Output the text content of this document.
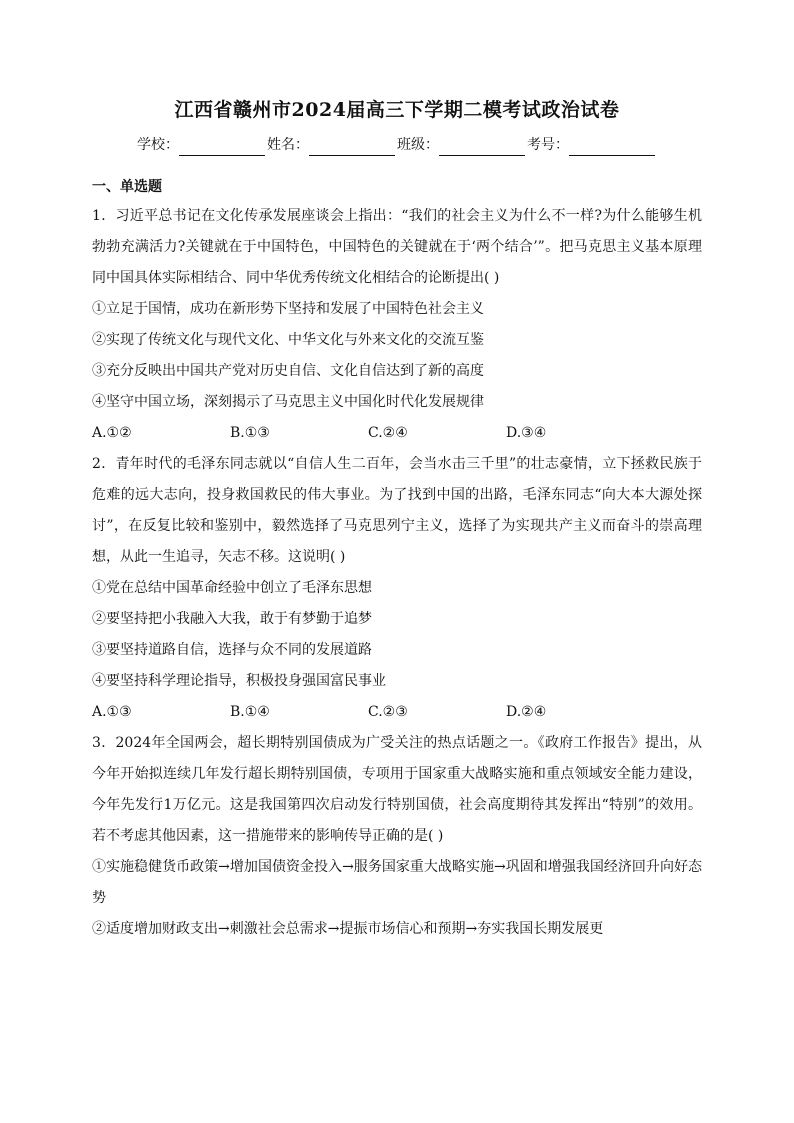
江西省赣州市2024届高三下学期二模考试政治试卷
学校：	姓名：	班级：	考号：
一、单选题
1．习近平总书记在文化传承发展座谈会上指出：“我们的社会主义为什么不一样?为什么能够生机勃勃充满活力?关键就在于中国特色，中国特色的关键就在于‘两个结合’”。把马克思主义基本原理同中国具体实际相结合、同中华优秀传统文化相结合的论断提出( )
①立足于国情，成功在新形势下坚持和发展了中国特色社会主义
②实现了传统文化与现代文化、中华文化与外来文化的交流互鉴
③充分反映出中国共产党对历史自信、文化自信达到了新的高度
④坚守中国立场，深刻揭示了马克思主义中国化时代化发展规律
A.①②	B.①③	C.②④	D.③④
2．青年时代的毛泽东同志就以“自信人生二百年，会当水击三千里”的壮志豪情，立下拯救民族于危难的远大志向，投身救国救民的伟大事业。为了找到中国的出路，毛泽东同志“向大本大源处探讨”，在反复比较和鉴别中，毅然选择了马克思列宁主义，选择了为实现共产主义而奋斗的崇高理想，从此一生追寻，矢志不移。这说明( )
①党在总结中国革命经验中创立了毛泽东思想
②要坚持把小我融入大我，敢于有梦勤于追梦
③要坚持道路自信，选择与众不同的发展道路
④要坚持科学理论指导，积极投身强国富民事业
A.①③	B.①④	C.②③	D.②④
3．2024年全国两会，超长期特别国债成为广受关注的热点话题之一。《政府工作报告》提出，从今年开始拟连续几年发行超长期特别国债，专项用于国家重大战略实施和重点领域安全能力建设，今年先发行1万亿元。这是我国第四次启动发行特别国债，社会高度期待其发挥出“特别”的效用。若不考虑其他因素，这一措施带来的影响传导正确的是( )
①实施稳健货币政策→增加国债资金投入→服务国家重大战略实施→巩固和增强我国经济回升向好态势
②适度增加财政支出→刺激社会总需求→提振市场信心和预期→夯实我国长期发展更
